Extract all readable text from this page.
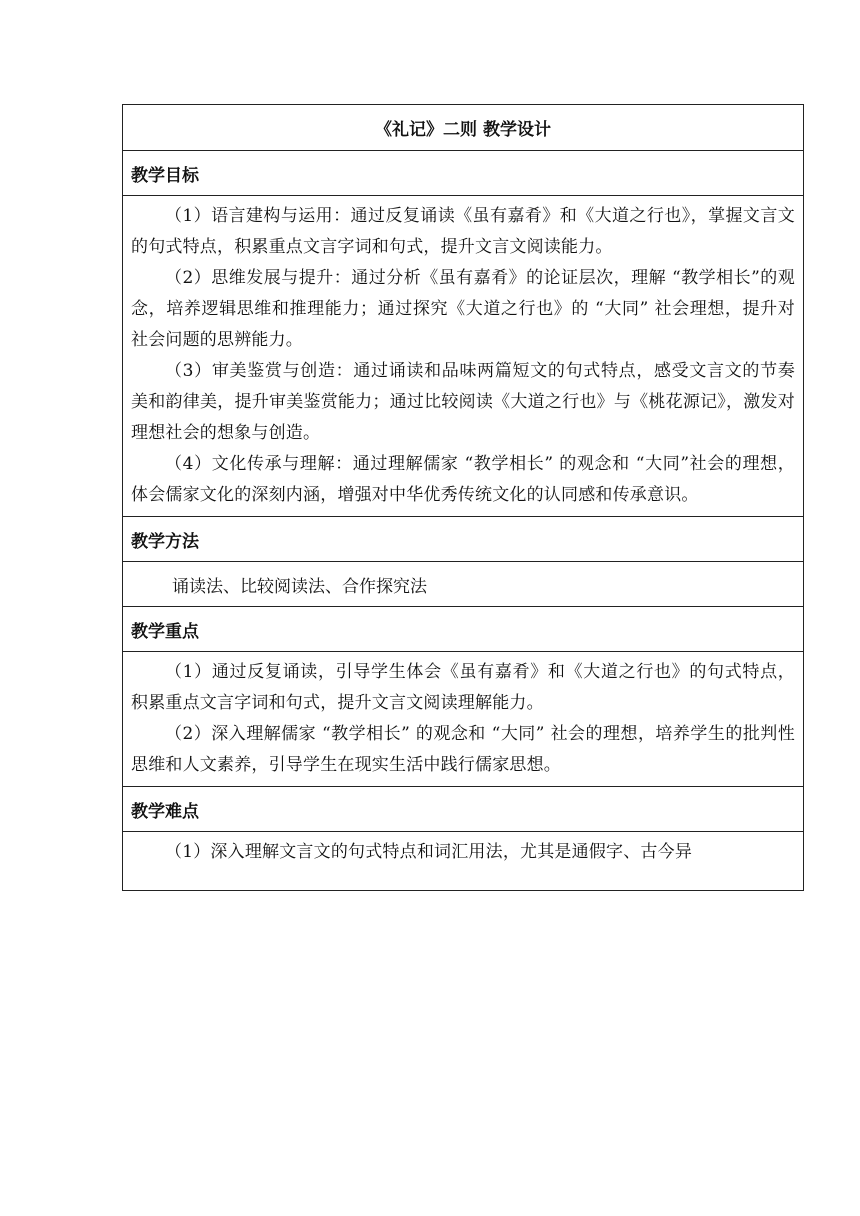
《礼记》二则 教学设计
教学目标

（1）语言建构与运用：通过反复诵读《虽有嘉肴》和《大道之行也》，掌握文言文的句式特点，积累重点文言字词和句式，提升文言文阅读能力。

（2）思维发展与提升：通过分析《虽有嘉肴》的论证层次，理解 “教学相长”的观念，培养逻辑思维和推理能力；通过探究《大道之行也》的 “大同” 社会理想，提升对社会问题的思辨能力。

（3）审美鉴赏与创造：通过诵读和品味两篇短文的句式特点，感受文言文的节奏美和韵律美，提升审美鉴赏能力；通过比较阅读《大道之行也》与《桃花源记》，激发对理想社会的想象与创造。

（4）文化传承与理解：通过理解儒家 “教学相长” 的观念和 “大同”社会的理想，体会儒家文化的深刻内涵，增强对中华优秀传统文化的认同感和传承意识。

教学方法
诵读法、比较阅读法、合作探究法
教学重点

（1）通过反复诵读，引导学生体会《虽有嘉肴》和《大道之行也》的句式特点，积累重点文言字词和句式，提升文言文阅读理解能力。

（2）深入理解儒家 “教学相长” 的观念和 “大同” 社会的理想，培养学生的批判性思维和人文素养，引导学生在现实生活中践行儒家思想。

教学难点

（1）深入理解文言文的句式特点和词汇用法，尤其是通假字、古今异
